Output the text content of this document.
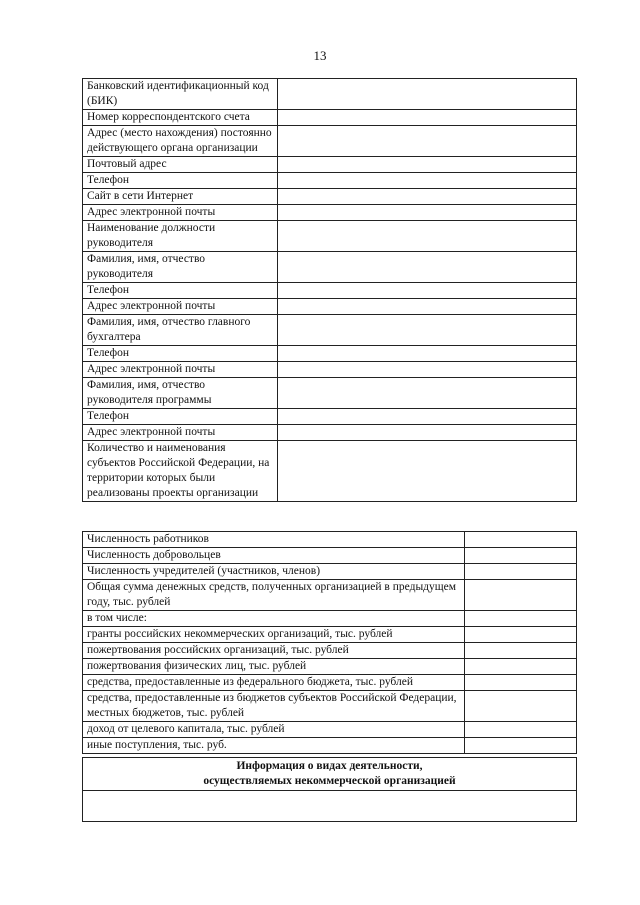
13
Банковский идентификационный код (БИК)	
Номер корреспондентского счета	
Адрес (место нахождения) постоянно действующего органа организации	
Почтовый адрес	
Телефон	
Сайт в сети Интернет	
Адрес электронной почты	
Наименование должности руководителя	
Фамилия, имя, отчество руководителя	
Телефон	
Адрес электронной почты	
Фамилия, имя, отчество главного бухгалтера	
Телефон	
Адрес электронной почты	
Фамилия, имя, отчество руководителя программы	
Телефон	
Адрес электронной почты	
Количество и наименования субъектов Российской Федерации, на территории которых были реализованы проекты организации	
Численность работников	
Численность добровольцев	
Численность учредителей (участников, членов)	
Общая сумма денежных средств, полученных организацией в предыдущем году, тыс. рублей	
в том числе:	
гранты российских некоммерческих организаций, тыс. рублей	
пожертвования российских организаций, тыс. рублей	
пожертвования физических лиц, тыс. рублей	
средства, предоставленные из федерального бюджета, тыс. рублей	
средства, предоставленные из бюджетов субъектов Российской Федерации, местных бюджетов, тыс. рублей	
доход от целевого капитала, тыс. рублей	
иные поступления, тыс. руб.	
Информация о видах деятельности,
осуществляемых некоммерческой организацией
